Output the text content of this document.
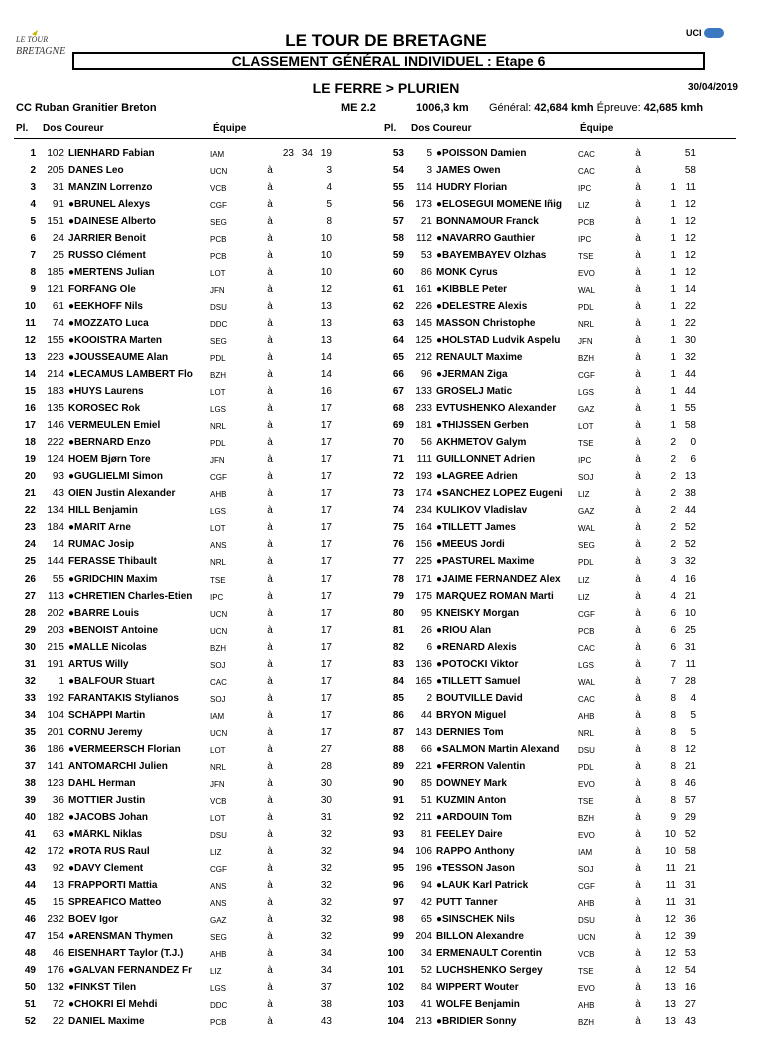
LE TOUR
BRETAGNE
UCI
LE TOUR DE BRETAGNE
CLASSEMENT GÉNÉRAL INDIVIDUEL : Etape 6
LE FERRE > PLURIEN	30/04/2019
CC Ruban Granitier Breton	ME 2.2	1006,3 km Général: 42,684 kmh Épreuve: 42,685 kmh
Pl. Dos Coureur	Équipe	Pl. Dos Coureur	Équipe
1	102 LIENHARD Fabian	IAM	23 34 19
2	205 DANES Leo	UCN	à	3
3	31 MANZIN Lorrenzo	VCB	à	4
4	91 ●BRUNEL Alexys	CGF	à	5
5	151 ●DAINESE Alberto	SEG	à	8
6	24 JARRIER Benoit	PCB	à	10
7	25 RUSSO Clément	PCB	à	10
8	185 ●MERTENS Julian	LOT	à	10
9	121 FORFANG Ole	JFN	à	12
10	61 ●EEKHOFF Nils	DSU	à	13
11	74 ●MOZZATO Luca	DDC	à	13
12	155 ●KOOISTRA Marten	SEG	à	13
13	223 ●JOUSSEAUME Alan	PDL	à	14
14	214 ●LECAMUS LAMBERT Flo	BZH	à	14
15	183 ●HUYS Laurens	LOT	à	16
16	135 KOROŠEC Rok	LGS	à	17
17	146 VERMEULEN Emiel	NRL	à	17
18	222 ●BERNARD Enzo	PDL	à	17
19	124 HOEM Bjørn Tore	JFN	à	17
20	93 ●GUGLIELMI Simon	CGF	à	17
21	43 OIEN Justin Alexander	AHB	à	17
22	134 HILL Benjamin	LGS	à	17
23	184 ●MARIT Arne	LOT	à	17
24	14 RUMAC Josip	ANS	à	17
25	144 FERASSE Thibault	NRL	à	17
26	55 ●GRIDCHIN Maxim	TSE	à	17
27	113 ●CHRETIEN Charles-Etien	IPC	à	17
28	202 ●BARRE Louis	UCN	à	17
29	203 ●BENOIST Antoine	UCN	à	17
30	215 ●MALLE Nicolas	BZH	à	17
31	191 ARTUS Willy	SOJ	à	17
32	1 ●BALFOUR Stuart	CAC	à	17
33	192 FARANTAKIS Stylianos	SOJ	à	17
34	104 SCHÄPPI Martin	IAM	à	17
35	201 CORNU Jeremy	UCN	à	17
36	186 ●VERMEERSCH Florian	LOT	à	27
37	141 ANTOMARCHI Julien	NRL	à	28
38	123 DAHL Herman	JFN	à	30
39	36 MOTTIER Justin	VCB	à	30
40	182 ●JACOBS Johan	LOT	à	31
41	63 ●MÄRKL Niklas	DSU	à	32
42	172 ●ROTA RUS Raul	LIZ	à	32
43	92 ●DAVY Clement	CGF	à	32
44	13 FRAPPORTI Mattia	ANS	à	32
45	15 SPREAFICO Matteo	ANS	à	32
46	232 BOEV Igor	GAZ	à	32
47	154 ●ARENSMAN Thymen	SEG	à	32
48	46 EISENHART Taylor (T.J.)	AHB	à	34
49	176 ●GALVAN FERNANDEZ Fr	LIZ	à	34
50	132 ●FINKŠT Tilen	LGS	à	37
51	72 ●CHOKRI El Mehdi	DDC	à	38
52	22 DANIEL Maxime	PCB	à	43
53	5 ●POISSON Damien	CAC	à	51
54	3 JAMES Owen	CAC	à	58
55	114 HUDRY Florian	IPC	à	1 11
56	173 ●ELOSEGUI MOMEÑE Iñig	LIZ	à	1 12
57	21 BONNAMOUR Franck	PCB	à	1 12
58	112 ●NAVARRO Gauthier	IPC	à	1 12
59	53 ●BAYEMBAYEV Olzhas	TSE	à	1 12
60	86 MONK Cyrus	EVO	à	1 12
61	161 ●KIBBLE Peter	WAL	à	1 14
62	226 ●DELESTRE Alexis	PDL	à	1 22
63	145 MASSON Christophe	NRL	à	1 22
64	125 ●HOLSTAD Ludvik Aspelu	JFN	à	1 30
65	212 RENAULT Maxime	BZH	à	1 32
66	96 ●JERMAN Žiga	CGF	à	1 44
67	133 GROŠELJ Matic	LGS	à	1 44
68	233 EVTUSHENKO Alexander	GAZ	à	1 55
69	181 ●THIJSSEN Gerben	LOT	à	1 58
70	56 AKHMETOV Galym	TSE	à	2	0
71	111 GUILLONNET Adrien	IPC	à	2	6
72	193 ●LAGREE Adrien	SOJ	à	2 13
73	174 ●SANCHEZ LOPEZ Eugeni	LIZ	à	2 38
74	234 KULIKOV Vladislav	GAZ	à	2 44
75	164 ●TILLETT James	WAL	à	2 52
76	156 ●MEEUS Jordi	SEG	à	2 52
77	225 ●PASTUREL Maxime	PDL	à	3 32
78	171 ●JAIME FERNANDEZ Alex	LIZ	à	4 16
79	175 MARQUEZ ROMAN Marti	LIZ	à	4 21
80	95 KNEISKY Morgan	CGF	à	6 10
81	26 ●RIOU Alan	PCB	à	6 25
82	6 ●RENARD Alexis	CAC	à	6 31
83	136 ●POTOČKI Viktor	LGS	à	7 11
84	165 ●TILLETT Samuel	WAL	à	7 28
85	2 BOUTVILLE David	CAC	à	8	4
86	44 BRYON Miguel	AHB	à	8	5
87	143 DERNIES Tom	NRL	à	8	5
88	66 ●SALMON Martin Alexand	DSU	à	8 12
89	221 ●FERRON Valentin	PDL	à	8 21
90	85 DOWNEY Mark	EVO	à	8 46
91	51 KUZMIN Anton	TSE	à	8 57
92	211 ●ARDOUIN Tom	BZH	à	9 29
93	81 FEELEY Daire	EVO	à	10 52
94	106 RAPPO Anthony	IAM	à	10 58
95	196 ●TESSON Jason	SOJ	à	11 21
96	94 ●LAUK Karl Patrick	CGF	à	11 31
97	42 PUTT Tanner	AHB	à	11 31
98	65 ●SINSCHEK Nils	DSU	à	12 36
99	204 BILLON Alexandre	UCN	à	12 39
100	34 ERMENAULT Corentin	VCB	à	12 53
101	52 LUCHSHENKO Sergey	TSE	à	12 54
102	84 WIPPERT Wouter	EVO	à	13 16
103	41 WOLFE Benjamin	AHB	à	13 27
104	213 ●BRIDIER Sonny	BZH	à	13 43
